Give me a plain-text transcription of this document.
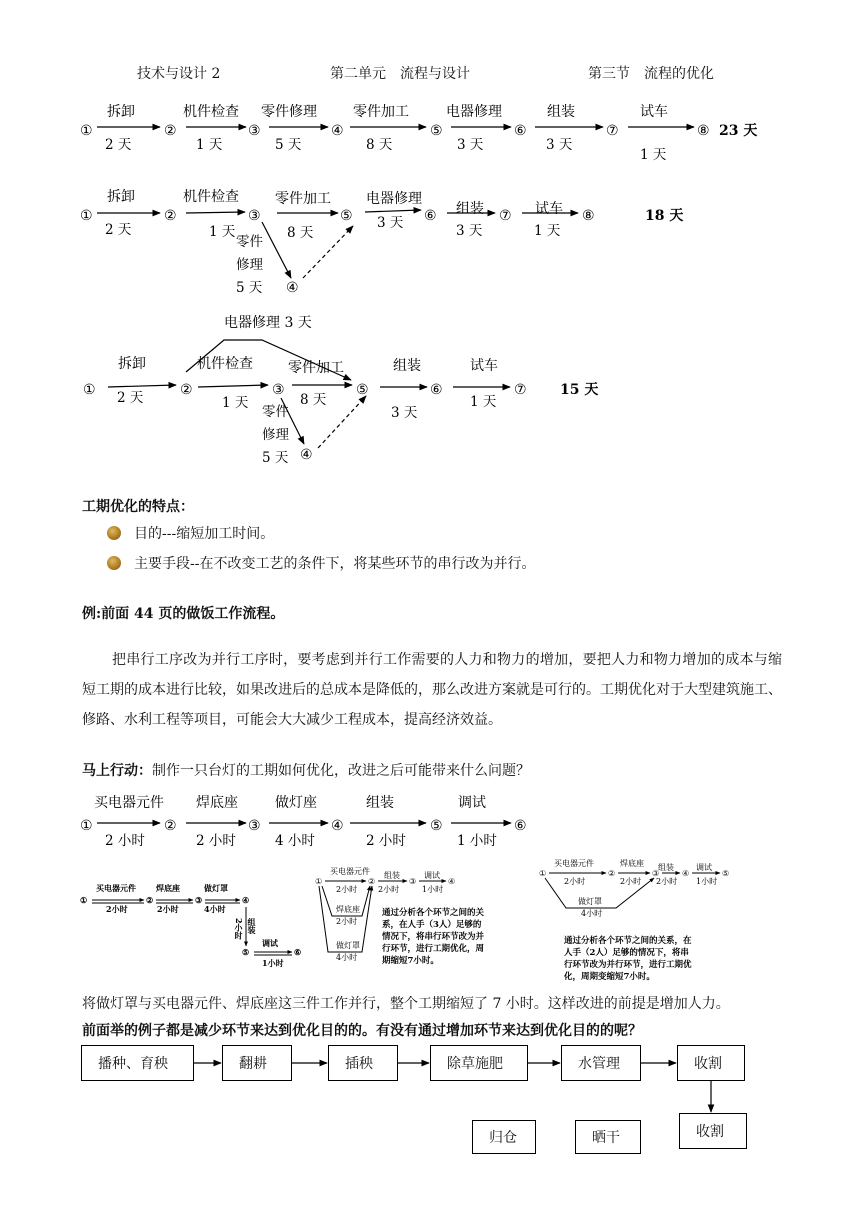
技术与设计 2	第二单元　流程与设计	第三节　流程的优化
①	②	③	④	⑤	⑥	⑦	⑧
拆卸	机件检查 零件修理	零件加工	电器修理	组装	试车
2 天	1 天	5 天	8 天	3 天	3 天
1 天
23 天
①	②	③
④
⑤	⑥	⑦	⑧
拆卸	机件检查	零件加工	电器修理
组装	试车
2 天	1 天	8 天
3 天	3 天	1 天
零件
修理
5 天
18 天
电器修理 3 天
①	②	③
④
⑤	⑥	⑦
拆卸	机件检查	零件加工	组装	试车
2 天	1 天	8 天
3 天
1 天
零件
修理
5 天
15 天
工期优化的特点：
目的---缩短加工时间。
主要手段--在不改变工艺的条件下，将某些环节的串行改为并行。
例:前面 44 页的做饭工作流程。
把串行工序改为并行工序时，要考虑到并行工作需要的人力和物力的增加，要把人力和物力增加的成本与缩短工期的成本进行比较，如果改进后的总成本是降低的，那么改进方案就是可行的。工期优化对于大型建筑施工、修路、水利工程等项目，可能会大大减少工程成本，提高经济效益。
马上行动：制作一只台灯的工期如何优化，改进之后可能带来什么问题？
买电器元件 焊底座	做灯座	组装	调试
①	②	③	④	⑤	⑥
2 小时	2 小时	4 小时	2 小时	1 小时
①	②	③	④
⑤	⑥
买电器元件	焊底座	做灯罩
2小时	2小时	4小时
调试
1小时
组装
2小时
①	②	③	④
买电器元件
2小时
焊底座
2小时
做灯罩
4小时
组装
2小时
调试
1小时
通过分析各个环节之间的关
系，在人手（3人）足够的
情况下，将串行环节改为并
行环节，进行工期优化，周
期缩短7小时。
①	②	③	④	⑤
买电器元件
2小时
焊底座
2小时
组装
2小时
调试
1小时
做灯罩
4小时
通过分析各个环节之间的关系，在
人手（2人）足够的情况下，将串
行环节改为并行环节，进行工期优
化，周期变缩短7小时。
将做灯罩与买电器元件、焊底座这三件工作并行，整个工期缩短了 7 小时。这样改进的前提是增加人力。
前面举的例子都是减少环节来达到优化目的的。有没有通过增加环节来达到优化目的的呢？
播种、育秧	翻耕	插秧	除草施肥	水管理	收割
收割
归仓	晒干
